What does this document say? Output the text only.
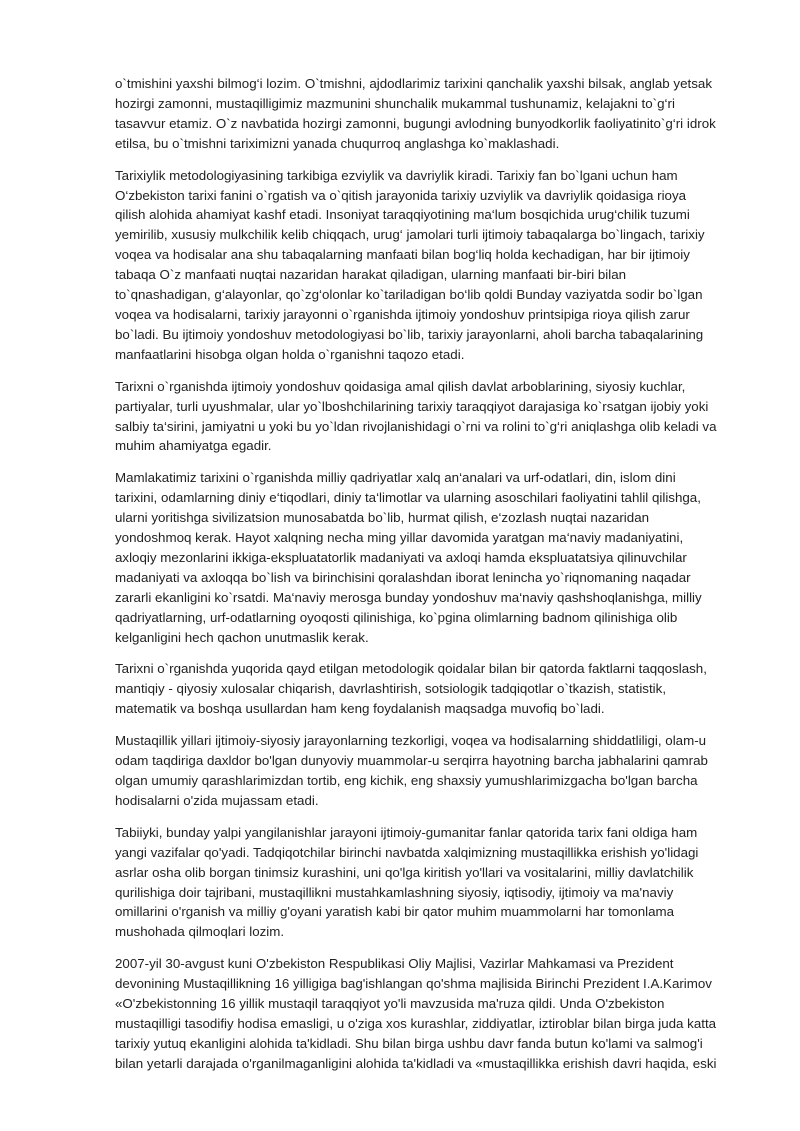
o`tmishini yaxshi bilmog‘i lozim. O`tmishni, ajdodlarimiz tarixini qanchalik yaxshi bilsak, anglab yetsak hozirgi zamonni, mustaqilligimiz mazmunini shunchalik mukammal tushunamiz, kelajakni to`g‘ri tasavvur etamiz. O`z navbatida hozirgi zamonni, bugungi avlodning bunyodkorlik faoliyatinito`g‘ri idrok etilsa, bu o`tmishni tariximizni yanada chuqurroq anglashga ko`maklashadi.

Tarixiylik metodologiyasining tarkibiga ezviylik va davriylik kiradi. Tarixiy fan bo`lgani uchun ham O‘zbekiston tarixi fanini o`rgatish va o`qitish jarayonida tarixiy uzviylik va davriylik qoidasiga rioya qilish alohida ahamiyat kashf etadi. Insoniyat taraqqiyotining ma‘lum bosqichida urug‘chilik tuzumi yemirilib, xususiy mulkchilik kelib chiqqach, urug‘ jamolari turli ijtimoiy tabaqalarga bo`lingach, tarixiy voqea va hodisalar ana shu tabaqalarning manfaati bilan bog‘liq holda kechadigan, har bir ijtimoiy tabaqa O`z manfaati nuqtai nazaridan harakat qiladigan, ularning manfaati bir-biri bilan to`qnashadigan, g‘alayonlar, qo`zg‘olonlar ko`tariladigan bo‘lib qoldi Bunday vaziyatda sodir bo`lgan voqea va hodisalarni, tarixiy jarayonni o`rganishda ijtimoiy yondoshuv printsipiga rioya qilish zarur bo`ladi. Bu ijtimoiy yondoshuv metodologiyasi bo`lib, tarixiy jarayonlarni, aholi barcha tabaqalarining manfaatlarini hisobga olgan holda o`rganishni taqozo etadi.

Tarixni o`rganishda ijtimoiy yondoshuv qoidasiga amal qilish davlat arboblarining, siyosiy kuchlar, partiyalar, turli uyushmalar, ular yo`lboshchilarining tarixiy taraqqiyot darajasiga ko`rsatgan ijobiy yoki salbiy ta‘sirini, jamiyatni u yoki bu yo`ldan rivojlanishidagi o`rni va rolini to`g‘ri aniqlashga olib keladi va muhim ahamiyatga egadir.

Mamlakatimiz tarixini o`rganishda milliy qadriyatlar xalq an‘analari va urf-odatlari, din, islom dini tarixini, odamlarning diniy e‘tiqodlari, diniy ta‘limotlar va ularning asoschilari faoliyatini tahlil qilishga, ularni yoritishga sivilizatsion munosabatda bo`lib, hurmat qilish, e‘zozlash nuqtai nazaridan yondoshmoq kerak. Hayot xalqning necha ming yillar davomida yaratgan ma‘naviy madaniyatini, axloqiy mezonlarini ikkiga-ekspluatatorlik madaniyati va axloqi hamda ekspluatatsiya qilinuvchilar madaniyati va axloqqa bo`lish va birinchisini qoralashdan iborat lenincha yo`riqnomaning naqadar zararli ekanligini ko`rsatdi. Ma‘naviy merosga bunday yondoshuv ma‘naviy qashshoqlanishga, milliy qadriyatlarning, urf-odatlarning oyoqosti qilinishiga, ko`pgina olimlarning badnom qilinishiga olib kelganligini hech qachon unutmaslik kerak.

Tarixni o`rganishda yuqorida qayd etilgan metodologik qoidalar bilan bir qatorda faktlarni taqqoslash, mantiqiy - qiyosiy xulosalar chiqarish, davrlashtirish, sotsiologik tadqiqotlar o`tkazish, statistik, matematik va boshqa usullardan ham keng foydalanish maqsadga muvofiq bo`ladi.

Mustaqillik yillari ijtimoiy-siyosiy jarayonlarning tezkorligi, voqea va hodisalarning shiddatliligi, olam-u odam taqdiriga daxldor bo'lgan dunyoviy muammolar-u serqirra hayotning barcha jabhalarini qamrab olgan umumiy qarashlarimizdan tortib, eng kichik, eng shaxsiy yumushlarimizgacha bo'lgan barcha hodisalarni o'zida mujassam etadi.

Tabiiyki, bunday yalpi yangilanishlar jarayoni ijtimoiy-gumanitar fanlar qatorida tarix fani oldiga ham yangi vazifalar qo'yadi. Tadqiqotchilar birinchi navbatda xalqimizning mustaqillikka erishish yo'lidagi asrlar osha olib borgan tinimsiz kurashini, uni qo'lga kiritish yo'llari va vositalarini, milliy davlatchilik qurilishiga doir tajribani, mustaqillikni mustahkamlashning siyosiy, iqtisodiy, ijtimoiy va ma'naviy omillarini o'rganish va milliy g'oyani yaratish kabi bir qator muhim muammolarni har tomonlama mushohada qilmoqlari lozim.

2007-yil 30-avgust kuni O'zbekiston Respublikasi Oliy Majlisi, Vazirlar Mahkamasi va Prezident devonining Mustaqillikning 16 yilligiga bag'ishlangan qo'shma majlisida Birinchi Prezident I.A.Karimov «O'zbekistonning 16 yillik mustaqil taraqqiyot yo'li mavzusida ma'ruza qildi. Unda O'zbekiston mustaqilligi tasodifiy hodisa emasligi, u o'ziga xos kurashlar, ziddiyatlar, iztiroblar bilan birga juda katta tarixiy yutuq ekanligini alohida ta'kidladi. Shu bilan birga ushbu davr fanda butun ko'lami va salmog'i bilan yetarli darajada o'rganilmaganligini alohida ta'kidladi va «mustaqillikka erishish davri haqida, eski
